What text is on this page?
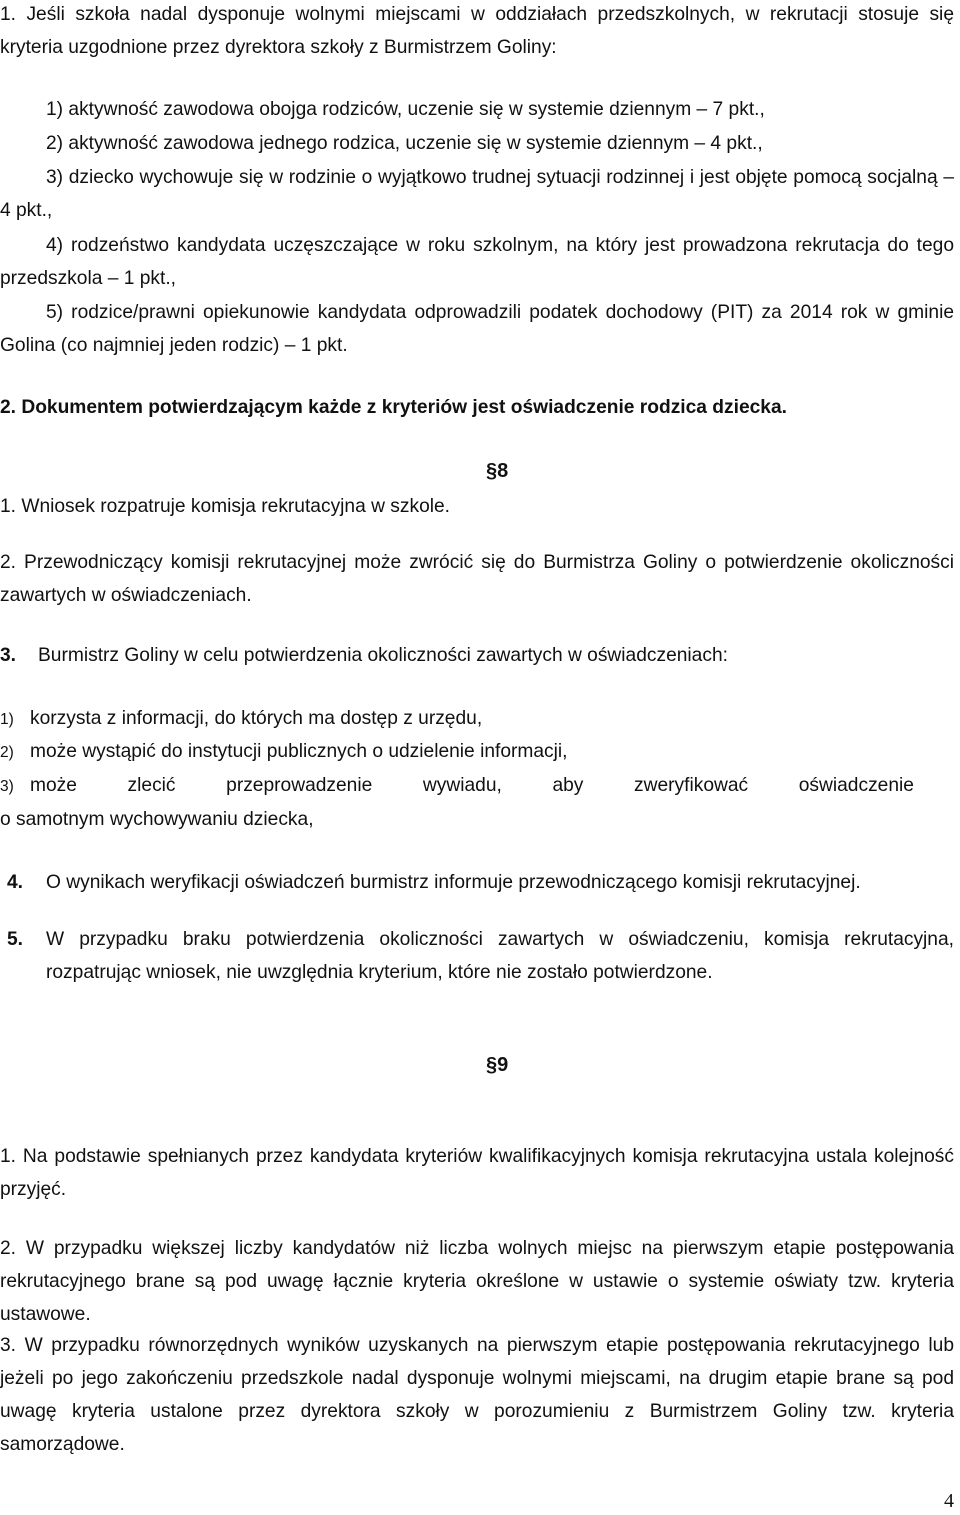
1. Jeśli szkoła nadal dysponuje wolnymi miejscami w oddziałach przedszkolnych, w rekrutacji stosuje się kryteria uzgodnione przez dyrektora szkoły z Burmistrzem Goliny:

1) aktywność zawodowa obojga rodziców, uczenie się w systemie dziennym – 7 pkt.,

2) aktywność zawodowa jednego rodzica, uczenie się w systemie dziennym – 4 pkt.,

3) dziecko wychowuje się w rodzinie o wyjątkowo trudnej sytuacji rodzinnej i jest objęte pomocą socjalną – 4 pkt.,

4) rodzeństwo kandydata uczęszczające w roku szkolnym, na który jest prowadzona rekrutacja do tego przedszkola – 1 pkt.,

5) rodzice/prawni opiekunowie kandydata odprowadzili podatek dochodowy (PIT) za 2014 rok w gminie Golina (co najmniej jeden rodzic) – 1 pkt.

2. Dokumentem potwierdzającym każde z kryteriów jest oświadczenie rodzica dziecka.

§8

1. Wniosek rozpatruje komisja rekrutacyjna w szkole.

2. Przewodniczący komisji rekrutacyjnej może zwrócić się do Burmistrza Goliny o potwierdzenie okoliczności zawartych w oświadczeniach.

3. Burmistrz Goliny w celu potwierdzenia okoliczności zawartych w oświadczeniach:

1) korzysta z informacji, do których ma dostęp z urzędu,

2) może wystąpić do instytucji publicznych o udzielenie informacji,

3) może	zlecić	przeprowadzenie	wywiadu,	aby	zweryfikować	oświadczenie
o samotnym wychowywaniu dziecka,

4. O wynikach weryfikacji oświadczeń burmistrz informuje przewodniczącego komisji rekrutacyjnej.

5. W przypadku braku potwierdzenia okoliczności zawartych w oświadczeniu, komisja rekrutacyjna, rozpatrując wniosek, nie uwzględnia kryterium, które nie zostało potwierdzone.

§9

1. Na podstawie spełnianych przez kandydata kryteriów kwalifikacyjnych komisja rekrutacyjna ustala kolejność przyjęć.

2. W przypadku większej liczby kandydatów niż liczba wolnych miejsc na pierwszym etapie postępowania rekrutacyjnego brane są pod uwagę łącznie kryteria określone w ustawie o systemie oświaty tzw. kryteria ustawowe.

3. W przypadku równorzędnych wyników uzyskanych na pierwszym etapie postępowania rekrutacyjnego lub jeżeli po jego zakończeniu przedszkole nadal dysponuje wolnymi miejscami, na drugim etapie brane są pod uwagę kryteria ustalone przez dyrektora szkoły w porozumieniu z Burmistrzem Goliny tzw. kryteria samorządowe.

4
